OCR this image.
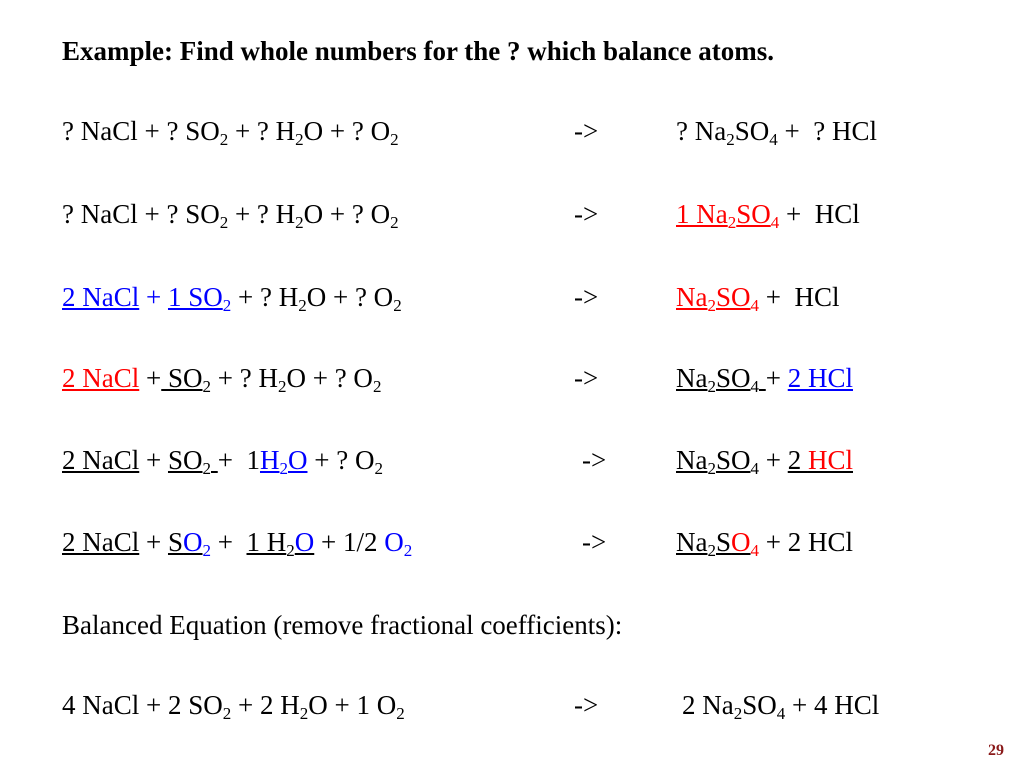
Example: Find whole numbers for the ? which balance atoms.
? NaCl + ? $SO_2$ + ? $H_2O$ + ? $O_2$	->	? $Na_2SO_4$ +  ? HCl
? NaCl + ? $SO_2$ + ? $H_2O$ + ? $O_2$	->	1 $Na_2SO_4$ +  HCl
2 NaCl + 1 $SO_2$ + ? $H_2O$ + ? $O_2$	->	$Na_2SO_4$ +  HCl
2 NaCl + $SO_2$ + ? $H_2O$ + ? $O_2$	->	$Na_2SO_4 + 2$ HCl
2 NaCl + $SO_2 + 1H_2O$ + ? $O_2$	->	$Na_2SO_4 + 2$ HCl
2 NaCl + $SO_2 + 1$ $H_2O + 1/2$ $O_2$	->	$Na_2SO_4 + 2$ HCl
Balanced Equation (remove fractional coefficients):
4 NaCl + 2 $SO_2 + 2$ $H_2O + 1$ $O_2$	->	2 $Na_2SO_4 + 4$ HCl
29
